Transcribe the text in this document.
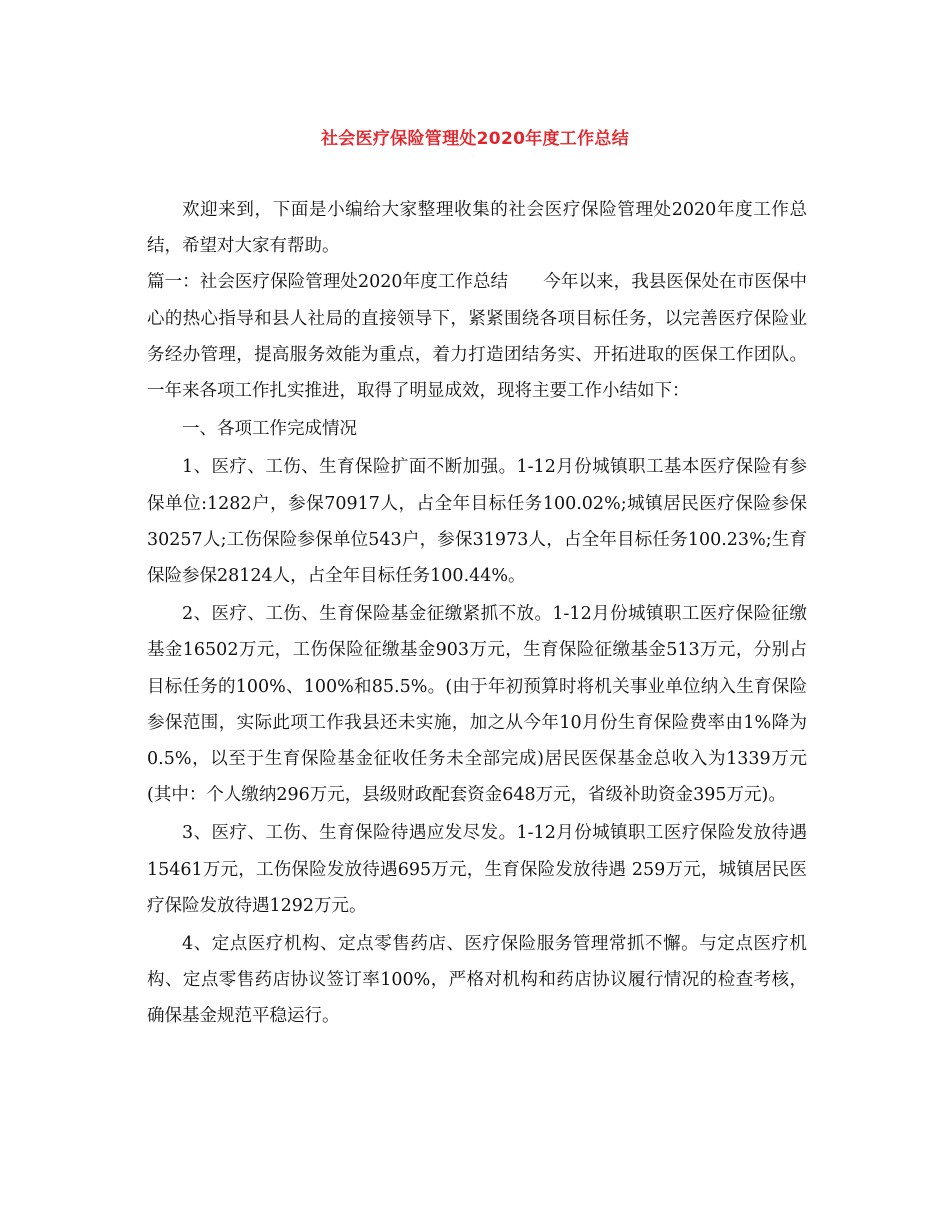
社会医疗保险管理处2020年度工作总结

欢迎来到，下面是小编给大家整理收集的社会医疗保险管理处2020年度工作总结，希望对大家有帮助。

篇一：社会医疗保险管理处2020年度工作总结　　今年以来，我县医保处在市医保中心的热心指导和县人社局的直接领导下，紧紧围绕各项目标任务，以完善医疗保险业务经办管理，提高服务效能为重点，着力打造团结务实、开拓进取的医保工作团队。一年来各项工作扎实推进，取得了明显成效，现将主要工作小结如下：

一、各项工作完成情况

1、医疗、工伤、生育保险扩面不断加强。1-12月份城镇职工基本医疗保险有参保单位:1282户，参保70917人，占全年目标任务100.02%;城镇居民医疗保险参保30257人;工伤保险参保单位543户，参保31973人，占全年目标任务100.23%;生育保险参保28124人，占全年目标任务100.44%。

2、医疗、工伤、生育保险基金征缴紧抓不放。1-12月份城镇职工医疗保险征缴基金16502万元，工伤保险征缴基金903万元，生育保险征缴基金513万元，分别占目标任务的100%、100%和85.5%。(由于年初预算时将机关事业单位纳入生育保险参保范围，实际此项工作我县还未实施，加之从今年10月份生育保险费率由1%降为0.5%，以至于生育保险基金征收任务未全部完成)居民医保基金总收入为1339万元(其中：个人缴纳296万元，县级财政配套资金648万元，省级补助资金395万元)。

3、医疗、工伤、生育保险待遇应发尽发。1-12月份城镇职工医疗保险发放待遇15461万元，工伤保险发放待遇695万元，生育保险发放待遇 259万元，城镇居民医疗保险发放待遇1292万元。

4、定点医疗机构、定点零售药店、医疗保险服务管理常抓不懈。与定点医疗机构、定点零售药店协议签订率100%，严格对机构和药店协议履行情况的检查考核，确保基金规范平稳运行。
